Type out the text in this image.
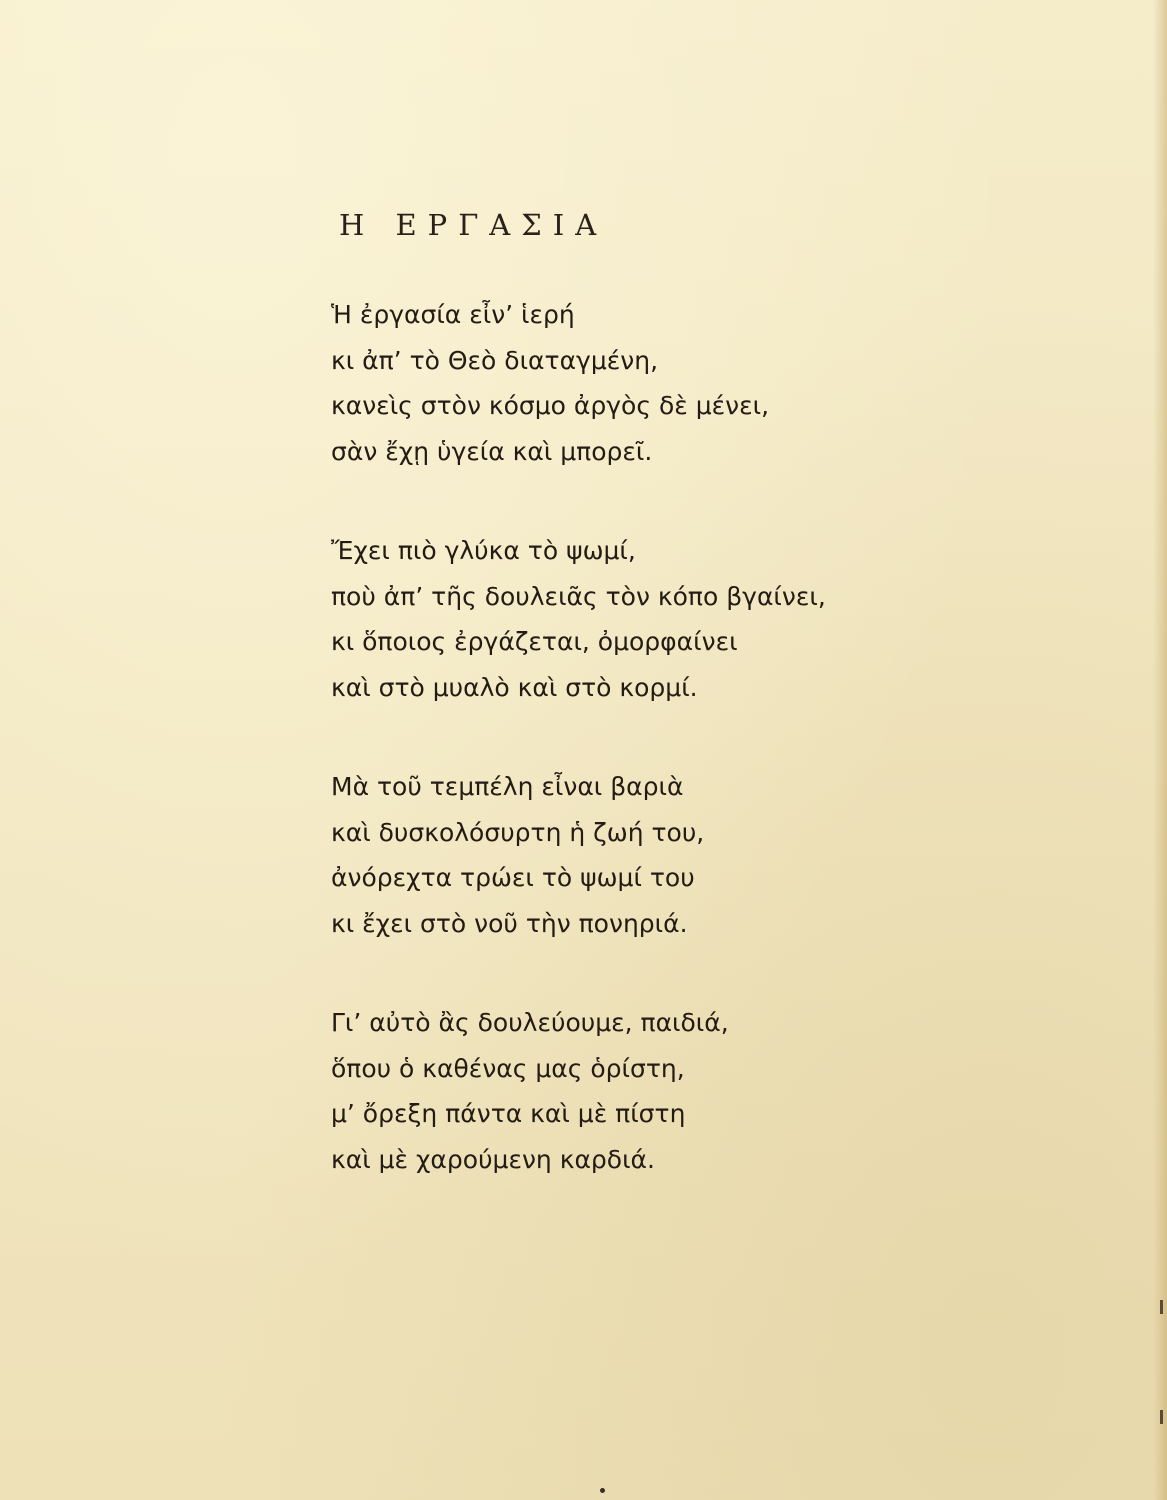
Η ΕΡΓΑΣΙΑ
Ἡ ἐργασία εἶν’ ἱερή
κι ἀπ’ τὸ Θεὸ διαταγμένη,
κανεὶς στὸν κόσμο ἀργὸς δὲ μένει,
σὰν ἔχῃ ὑγεία καὶ μπορεῖ.
Ἔχει πιὸ γλύκα τὸ ψωμί,
ποὺ ἀπ’ τῆς δουλειᾶς τὸν κόπο βγαίνει,
κι ὅποιος ἐργάζεται, ὀμορφαίνει
καὶ στὸ μυαλὸ καὶ στὸ κορμί.
Μὰ τοῦ τεμπέλη εἶναι βαριὰ
καὶ δυσκολόσυρτη ἡ ζωή του,
ἀνόρεχτα τρώει τὸ ψωμί του
κι ἔχει στὸ νοῦ τὴν πονηριά.
Γι’ αὐτὸ ἂς δουλεύουμε, παιδιά,
ὅπου ὁ καθένας μας ὁρίστη,
μ’ ὄρεξη πάντα καὶ μὲ πίστη
καὶ μὲ χαρούμενη καρδιά.
